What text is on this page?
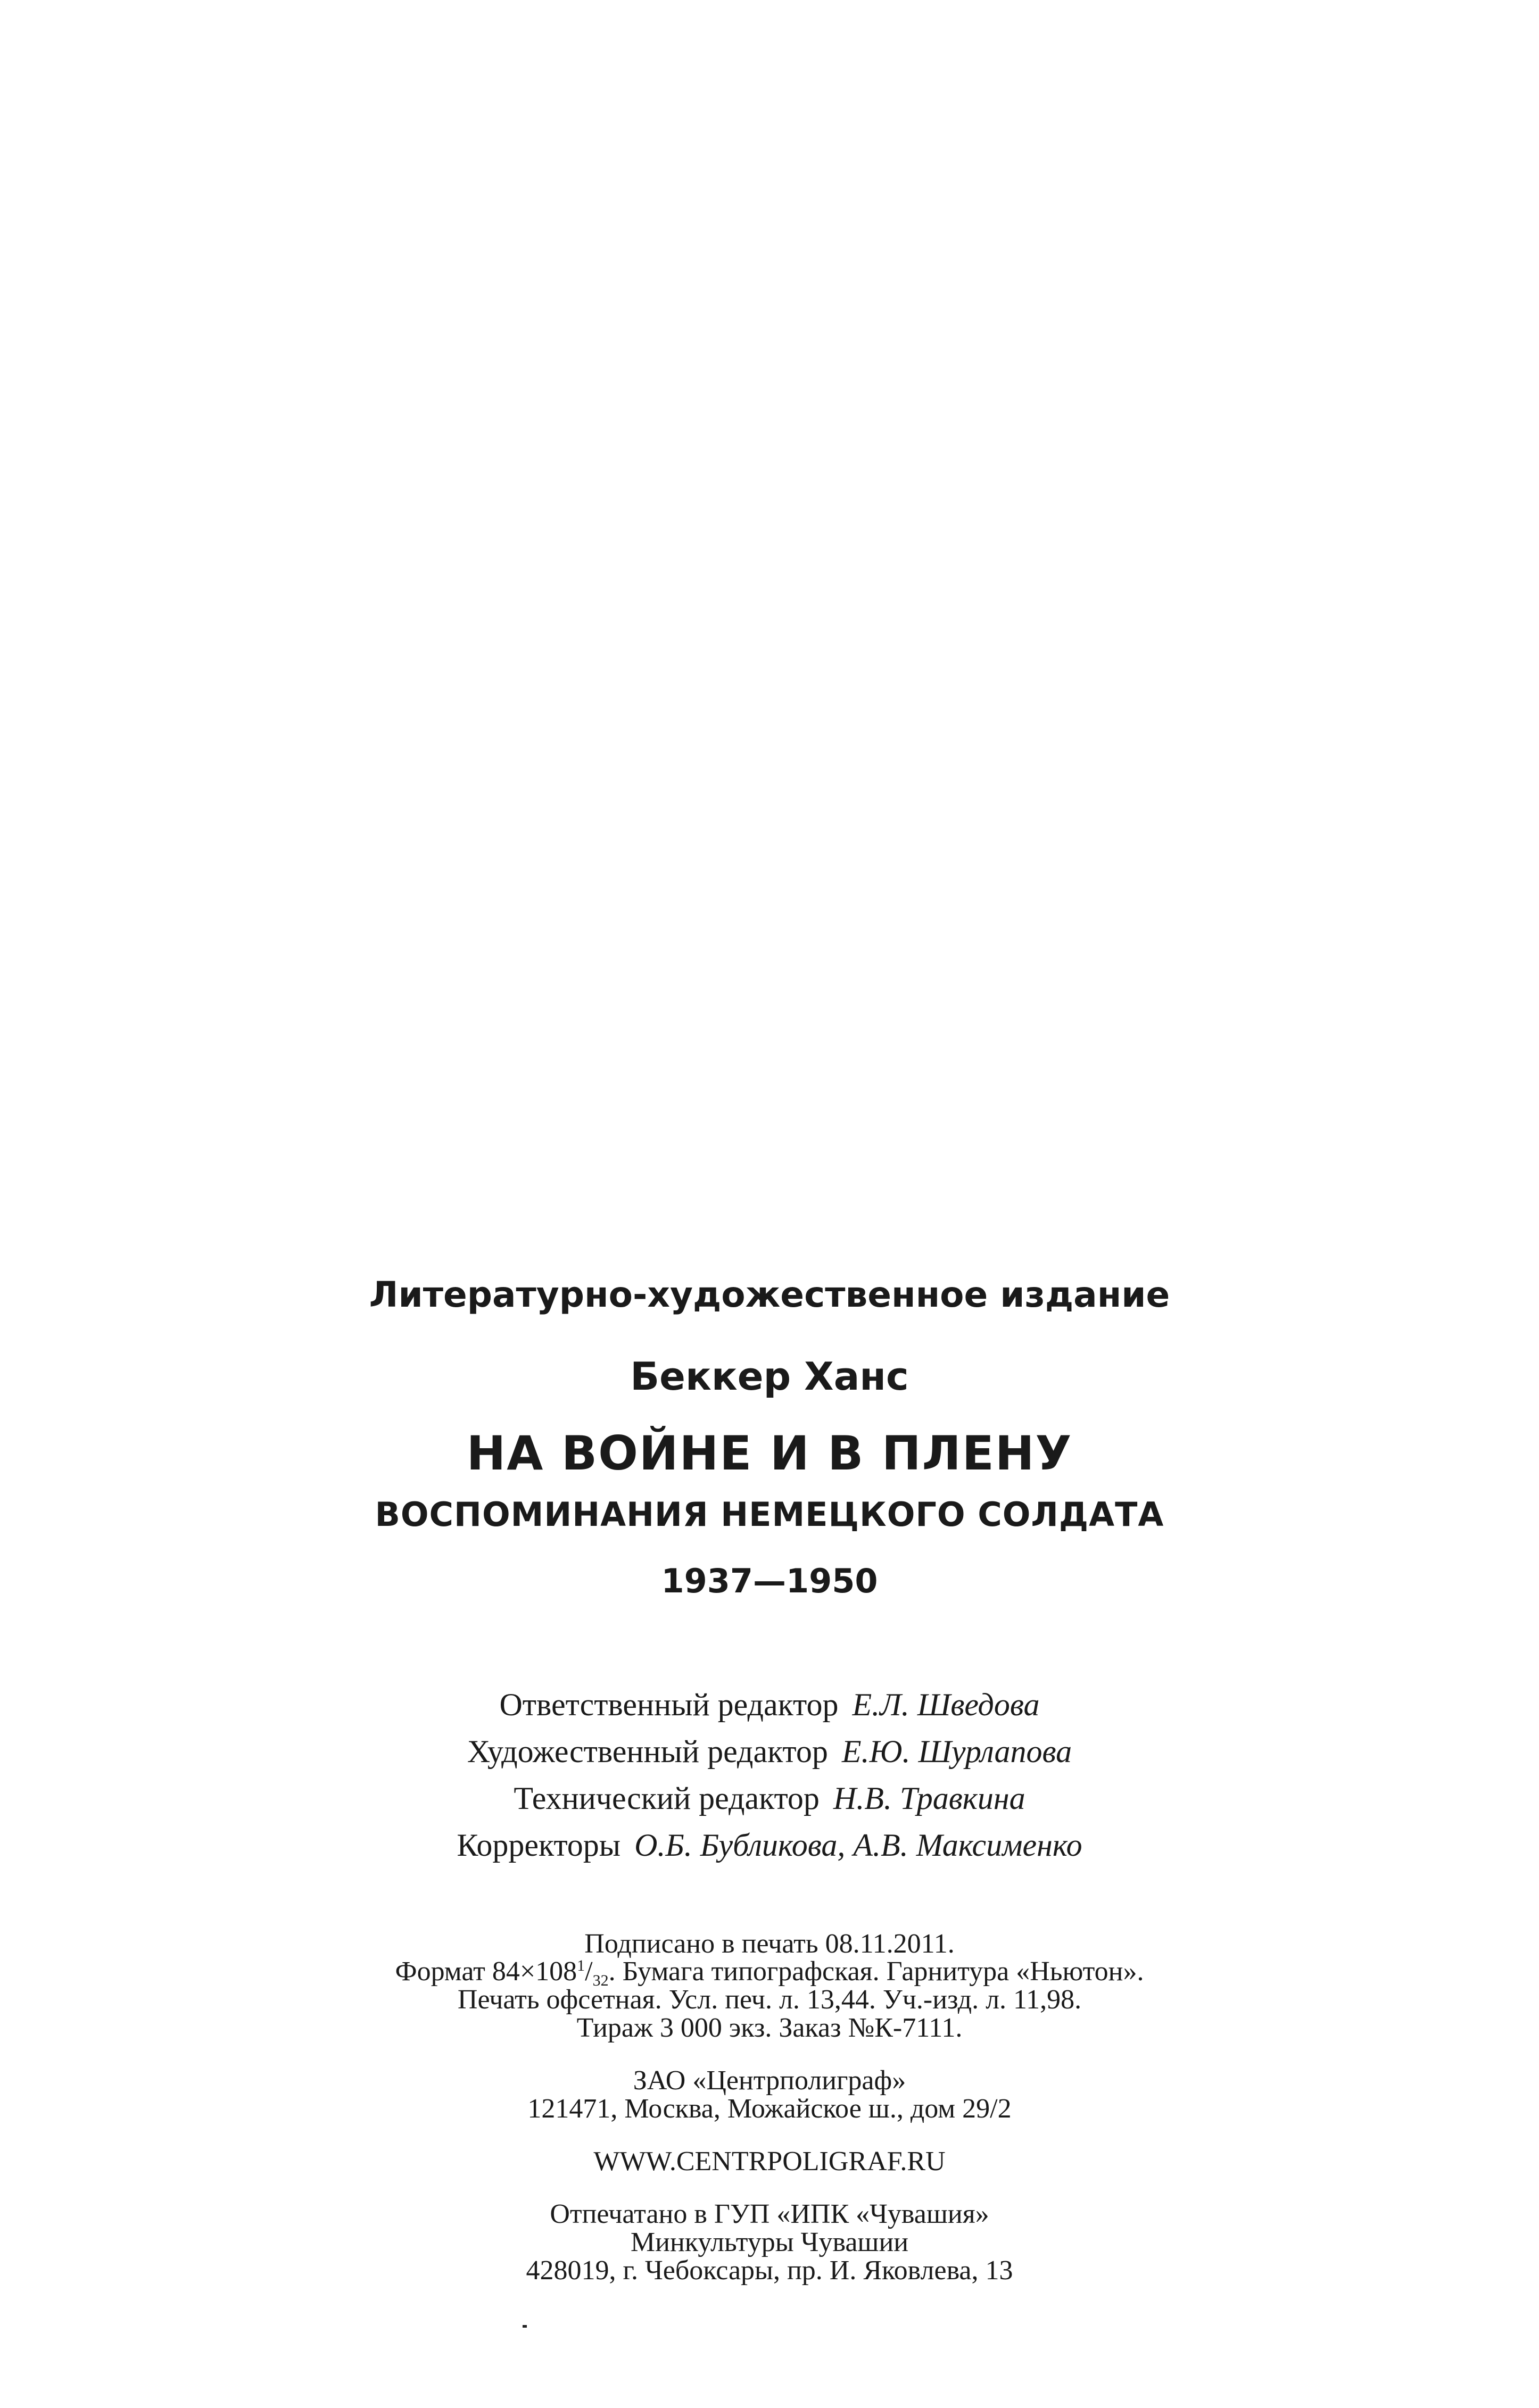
Литературно-художественное издание
Беккер Ханс
НА ВОЙНЕ И В ПЛЕНУ
ВОСПОМИНАНИЯ НЕМЕЦКОГО СОЛДАТА
1937—1950
Ответственный редактор Е.Л. Шведова
Художественный редактор Е.Ю. Шурлапова
Технический редактор Н.В. Травкина
Корректоры О.Б. Бубликова, А.В. Максименко
Подписано в печать 08.11.2011.
Формат $84\times 108^1/_{32}$. Бумага типографская. Гарнитура «Ньютон».
Печать офсетная. Усл. печ. л. 13,44. Уч.-изд. л. 11,98.
Тираж 3 000 экз. Заказ №К-7111.
ЗАО «Центрполиграф»
121471, Москва, Можайское ш., дом 29/2
WWW.CENTRPOLIGRAF.RU
Отпечатано в ГУП «ИПК «Чувашия»
Минкультуры Чувашии
428019, г. Чебоксары, пр. И. Яковлева, 13
